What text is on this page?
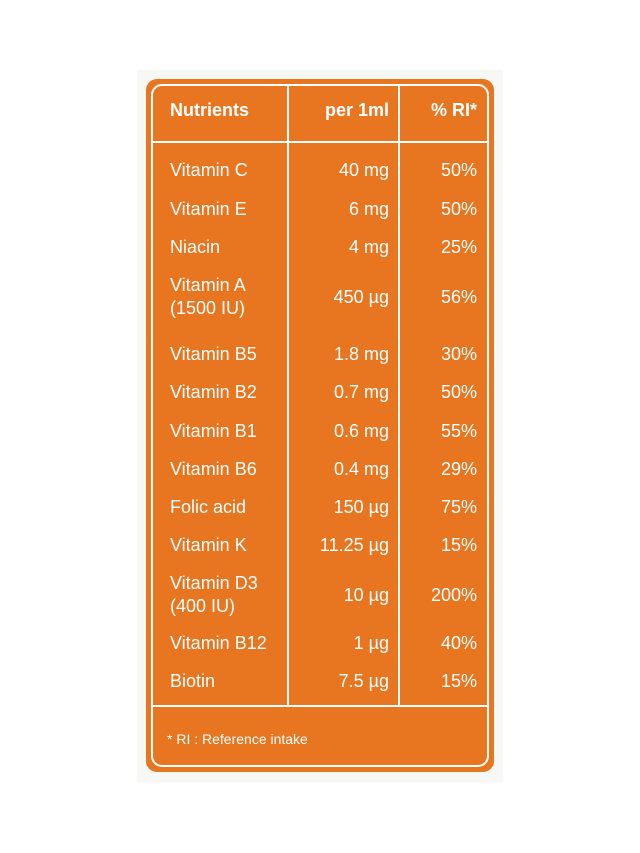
Nutrients	per 1ml	% RI*
Vitamin C	40 mg	50%
Vitamin E	6 mg	50%
Niacin	4 mg	25%
Vitamin A
(1500 IU)
450 µg	56%
Vitamin B5	1.8 mg	30%
Vitamin B2	0.7 mg	50%
Vitamin B1	0.6 mg	55%
Vitamin B6	0.4 mg	29%
Folic acid	150 µg	75%
Vitamin K	11.25 µg	15%
Vitamin D3
(400 IU)
10 µg	200%
Vitamin B12	1 µg	40%
Biotin	7.5 µg	15%
* RI : Reference intake
